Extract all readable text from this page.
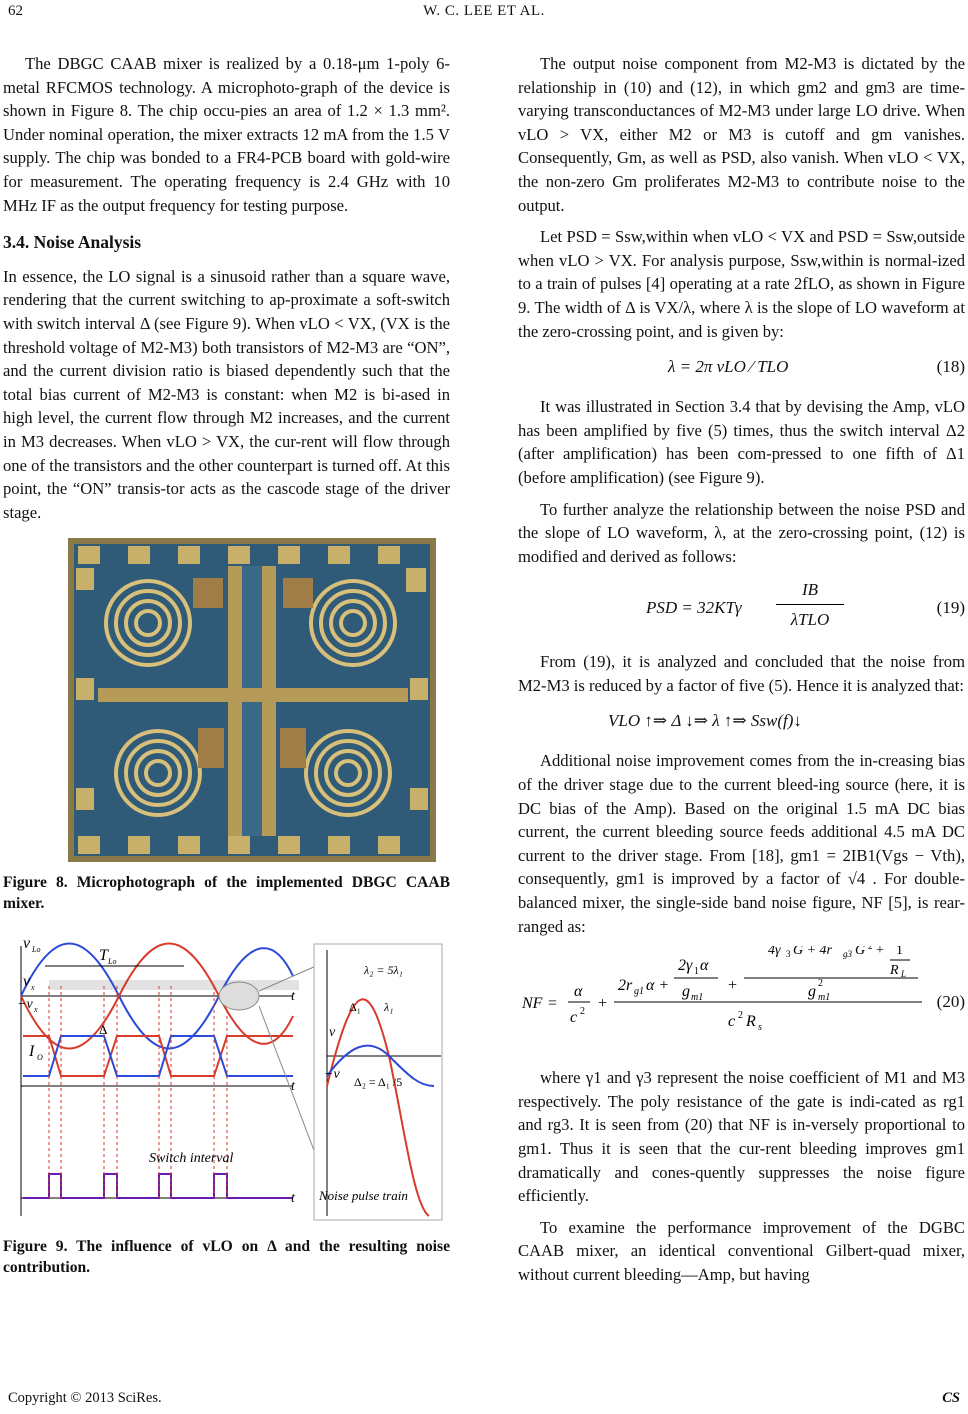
62	W. C. LEE ET AL.

The DBGC CAAB mixer is realized by a 0.18-μm 1-poly 6-metal RFCMOS technology. A microphoto-graph of the device is shown in Figure 8. The chip occu-pies an area of 1.2 × 1.3 mm². Under nominal operation, the mixer extracts 12 mA from the 1.5 V supply. The chip was bonded to a FR4-PCB board with gold-wire for measurement. The operating frequency is 2.4 GHz with 10 MHz IF as the output frequency for testing purpose.

3.4. Noise Analysis

In essence, the LO signal is a sinusoid rather than a square wave, rendering that the current switching to ap-proximate a soft-switch with switch interval Δ (see Figure 9). When vLO < VX, (VX is the threshold voltage of M2-M3) both transistors of M2-M3 are “ON”, and the current division ratio is biased dependently such that the total bias current of M2-M3 is constant: when M2 is bi-ased in high level, the current flow through M2 increases, and the current in M3 decreases. When vLO > VX, the cur-rent will flow through one of the transistors and the other counterpart is turned off. At this point, the “ON” transis-tor acts as the cascode stage of the driver stage.

Figure 8. Microphotograph of the implemented DBGC CAAB mixer.
v Lo	T Lo
v x
−v x
I O
Δ
t
t
t
Switch interval
λ₂ = 5λ₁
Δ₁ λ₁
v
−v Δ₂ = Δ₁ /5
Noise pulse train
Figure 9. The influence of vLO on Δ and the resulting noise contribution.

The output noise component from M2-M3 is dictated by the relationship in (10) and (12), in which gm2 and gm3 are time-varying transconductances of M2-M3 under large LO drive. When vLO > VX, either M2 or M3 is cutoff and gm vanishes. Consequently, Gm, as well as PSD, also vanish. When vLO < VX, the non-zero Gm proliferates M2-M3 to contribute noise to the output.

Let PSD = Ssw,within when vLO < VX and PSD = Ssw,outside when vLO > VX. For analysis purpose, Ssw,within is normal-ized to a train of pulses [4] operating at a rate 2fLO, as shown in Figure 9. The width of Δ is VX/λ, where λ is the slope of LO waveform at the zero-crossing point, and is given by:

λ = 2π vLO ⁄ TLO	(18)

It was illustrated in Section 3.4 that by devising the Amp, vLO has been amplified by five (5) times, thus the switch interval Δ2 (after amplification) has been com-pressed to one fifth of Δ1 (before amplification) (see Figure 9).

To further analyze the relationship between the noise PSD and the slope of LO waveform, λ, at the zero-crossing point, (12) is modified and derived as follows:

PSD = 32KTγ
IB
λTLO
(19)

From (19), it is analyzed and concluded that the noise from M2-M3 is reduced by a factor of five (5). Hence it is analyzed that:

VLO ↑⇒ Δ ↓⇒ λ ↑⇒ Ssw(f)↓

Additional noise improvement comes from the in-creasing bias of the driver stage due to the current bleed-ing source (here, it is DC bias of the Amp). Based on the original 1.5 mA DC bias current, the current bleeding source feeds additional 4.5 mA DC current to the driver stage. From [18], gm1 = 2IB1(Vgs − Vth), consequently, gm1 is improved by a factor of √4 . For double-balanced mixer, the single-side band noise figure, NF [5], is rear-ranged as:

NF =
α
c 2 +
2r g1 α +
2γ 1 α
g m1
+
4γ 3 G + 4r g3 G 2 + 1
R L
g m1
2
c 2 R s
(20)

where γ1 and γ3 represent the noise coefficient of M1 and M3 respectively. The poly resistance of the gate is indi-cated as rg1 and rg3. It is seen from (20) that NF is in-versely proportional to gm1. Thus it is seen that the cur-rent bleeding improves gm1 dramatically and cones-quently suppresses the noise figure efficiently.

To examine the performance improvement of the DGBC CAAB mixer, an identical conventional Gilbert-quad mixer, without current bleeding—Amp, but having

Copyright © 2013 SciRes.	CS
